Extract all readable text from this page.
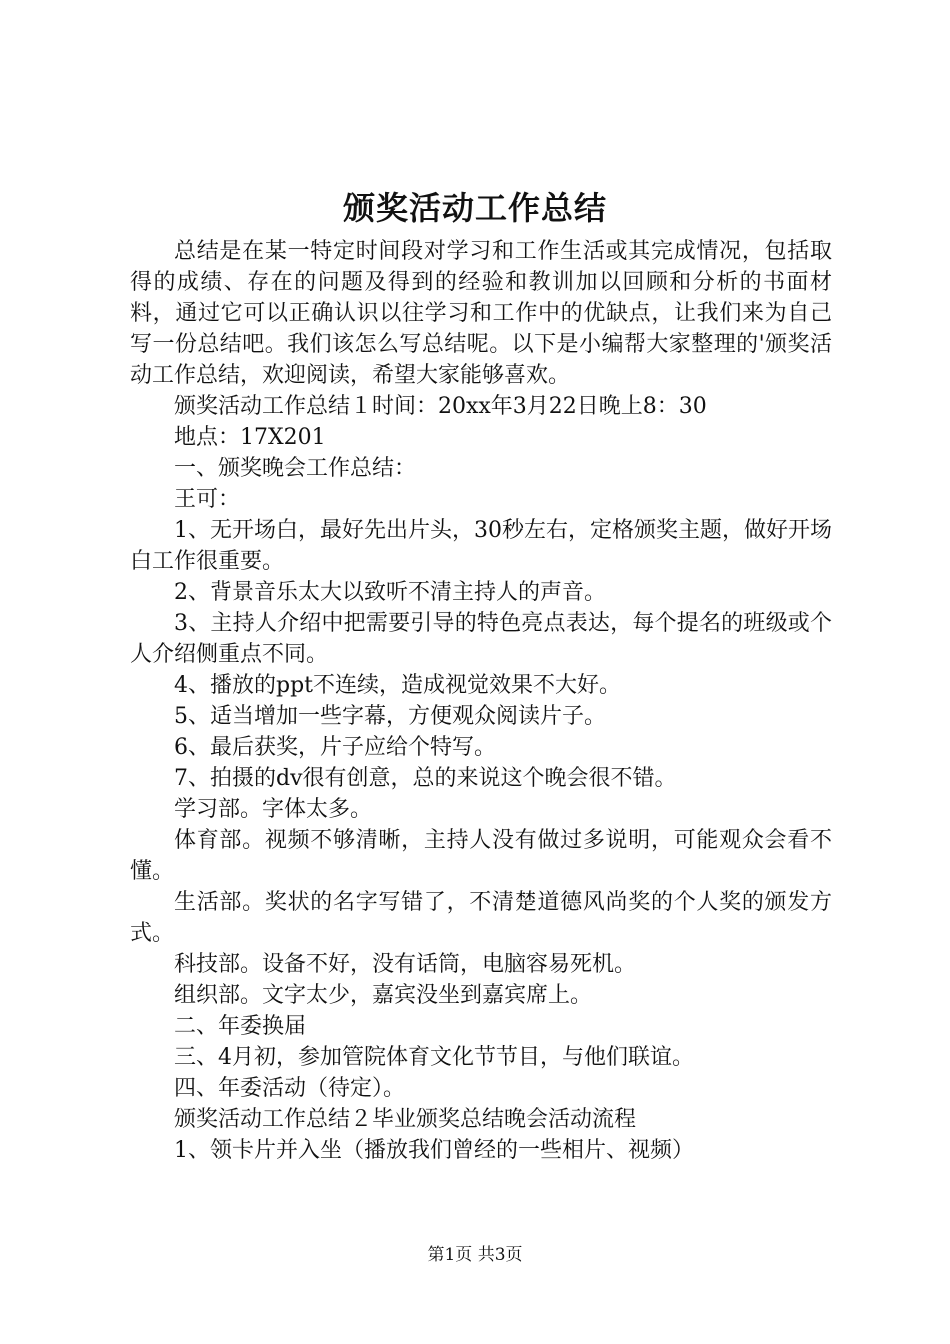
颁奖活动工作总结

总结是在某一特定时间段对学习和工作生活或其完成情况，包括取得的成绩、存在的问题及得到的经验和教训加以回顾和分析的书面材料，通过它可以正确认识以往学习和工作中的优缺点，让我们来为自己写一份总结吧。我们该怎么写总结呢。以下是小编帮大家整理的'颁奖活动工作总结，欢迎阅读，希望大家能够喜欢。

颁奖活动工作总结１时间：20xx年3月22日晚上8：30

地点：17X201

一、颁奖晚会工作总结：

王可：

1、无开场白，最好先出片头，30秒左右，定格颁奖主题，做好开场白工作很重要。

2、背景音乐太大以致听不清主持人的声音。

3、主持人介绍中把需要引导的特色亮点表达，每个提名的班级或个人介绍侧重点不同。

4、播放的ppt不连续，造成视觉效果不大好。

5、适当增加一些字幕，方便观众阅读片子。

6、最后获奖，片子应给个特写。

7、拍摄的dv很有创意，总的来说这个晚会很不错。

学习部。字体太多。

体育部。视频不够清晰，主持人没有做过多说明，可能观众会看不懂。

生活部。奖状的名字写错了，不清楚道德风尚奖的个人奖的颁发方式。

科技部。设备不好，没有话筒，电脑容易死机。

组织部。文字太少，嘉宾没坐到嘉宾席上。

二、年委换届

三、4月初，参加管院体育文化节节目，与他们联谊。

四、年委活动（待定）。

颁奖活动工作总结２毕业颁奖总结晚会活动流程

1、领卡片并入坐（播放我们曾经的一些相片、视频）

第1页 共3页
